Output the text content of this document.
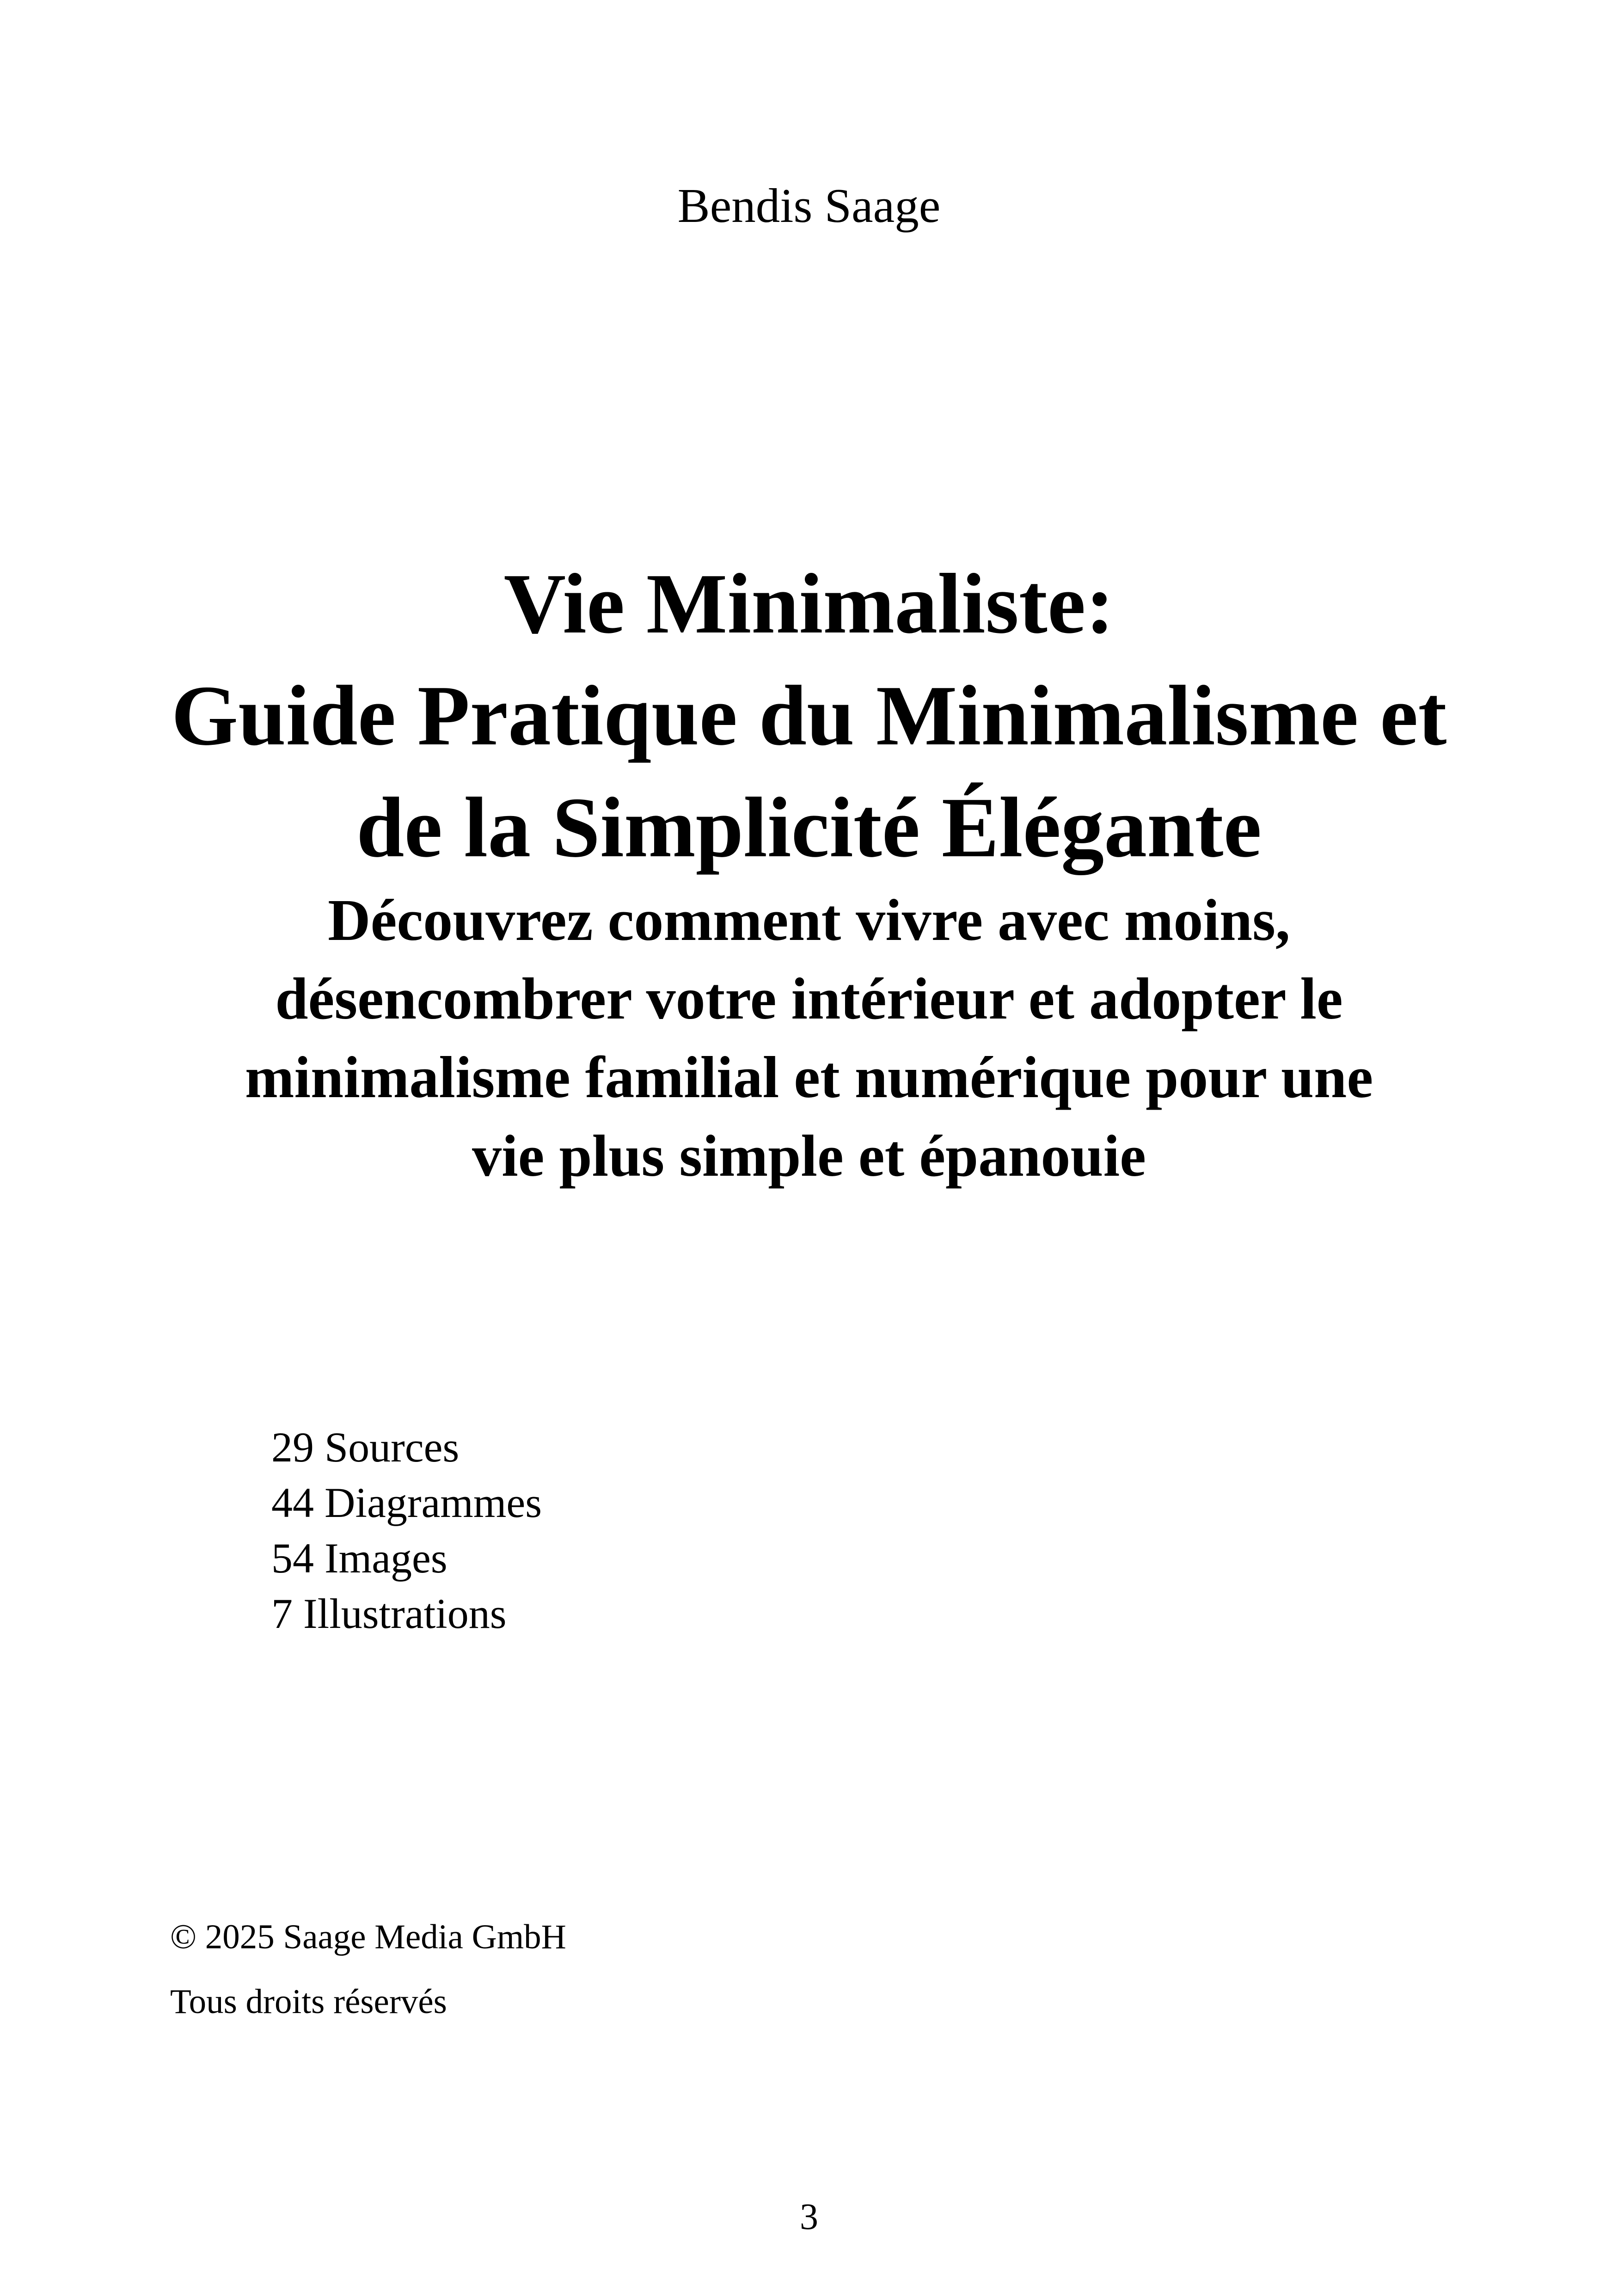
Bendis Saage
Vie Minimaliste:
Guide Pratique du Minimalisme et
de la Simplicité Élégante
Découvrez comment vivre avec moins,
désencombrer votre intérieur et adopter le
minimalisme familial et numérique pour une
vie plus simple et épanouie
29 Sources
44 Diagrammes
54 Images
7 Illustrations
© 2025 Saage Media GmbH
Tous droits réservés
3
